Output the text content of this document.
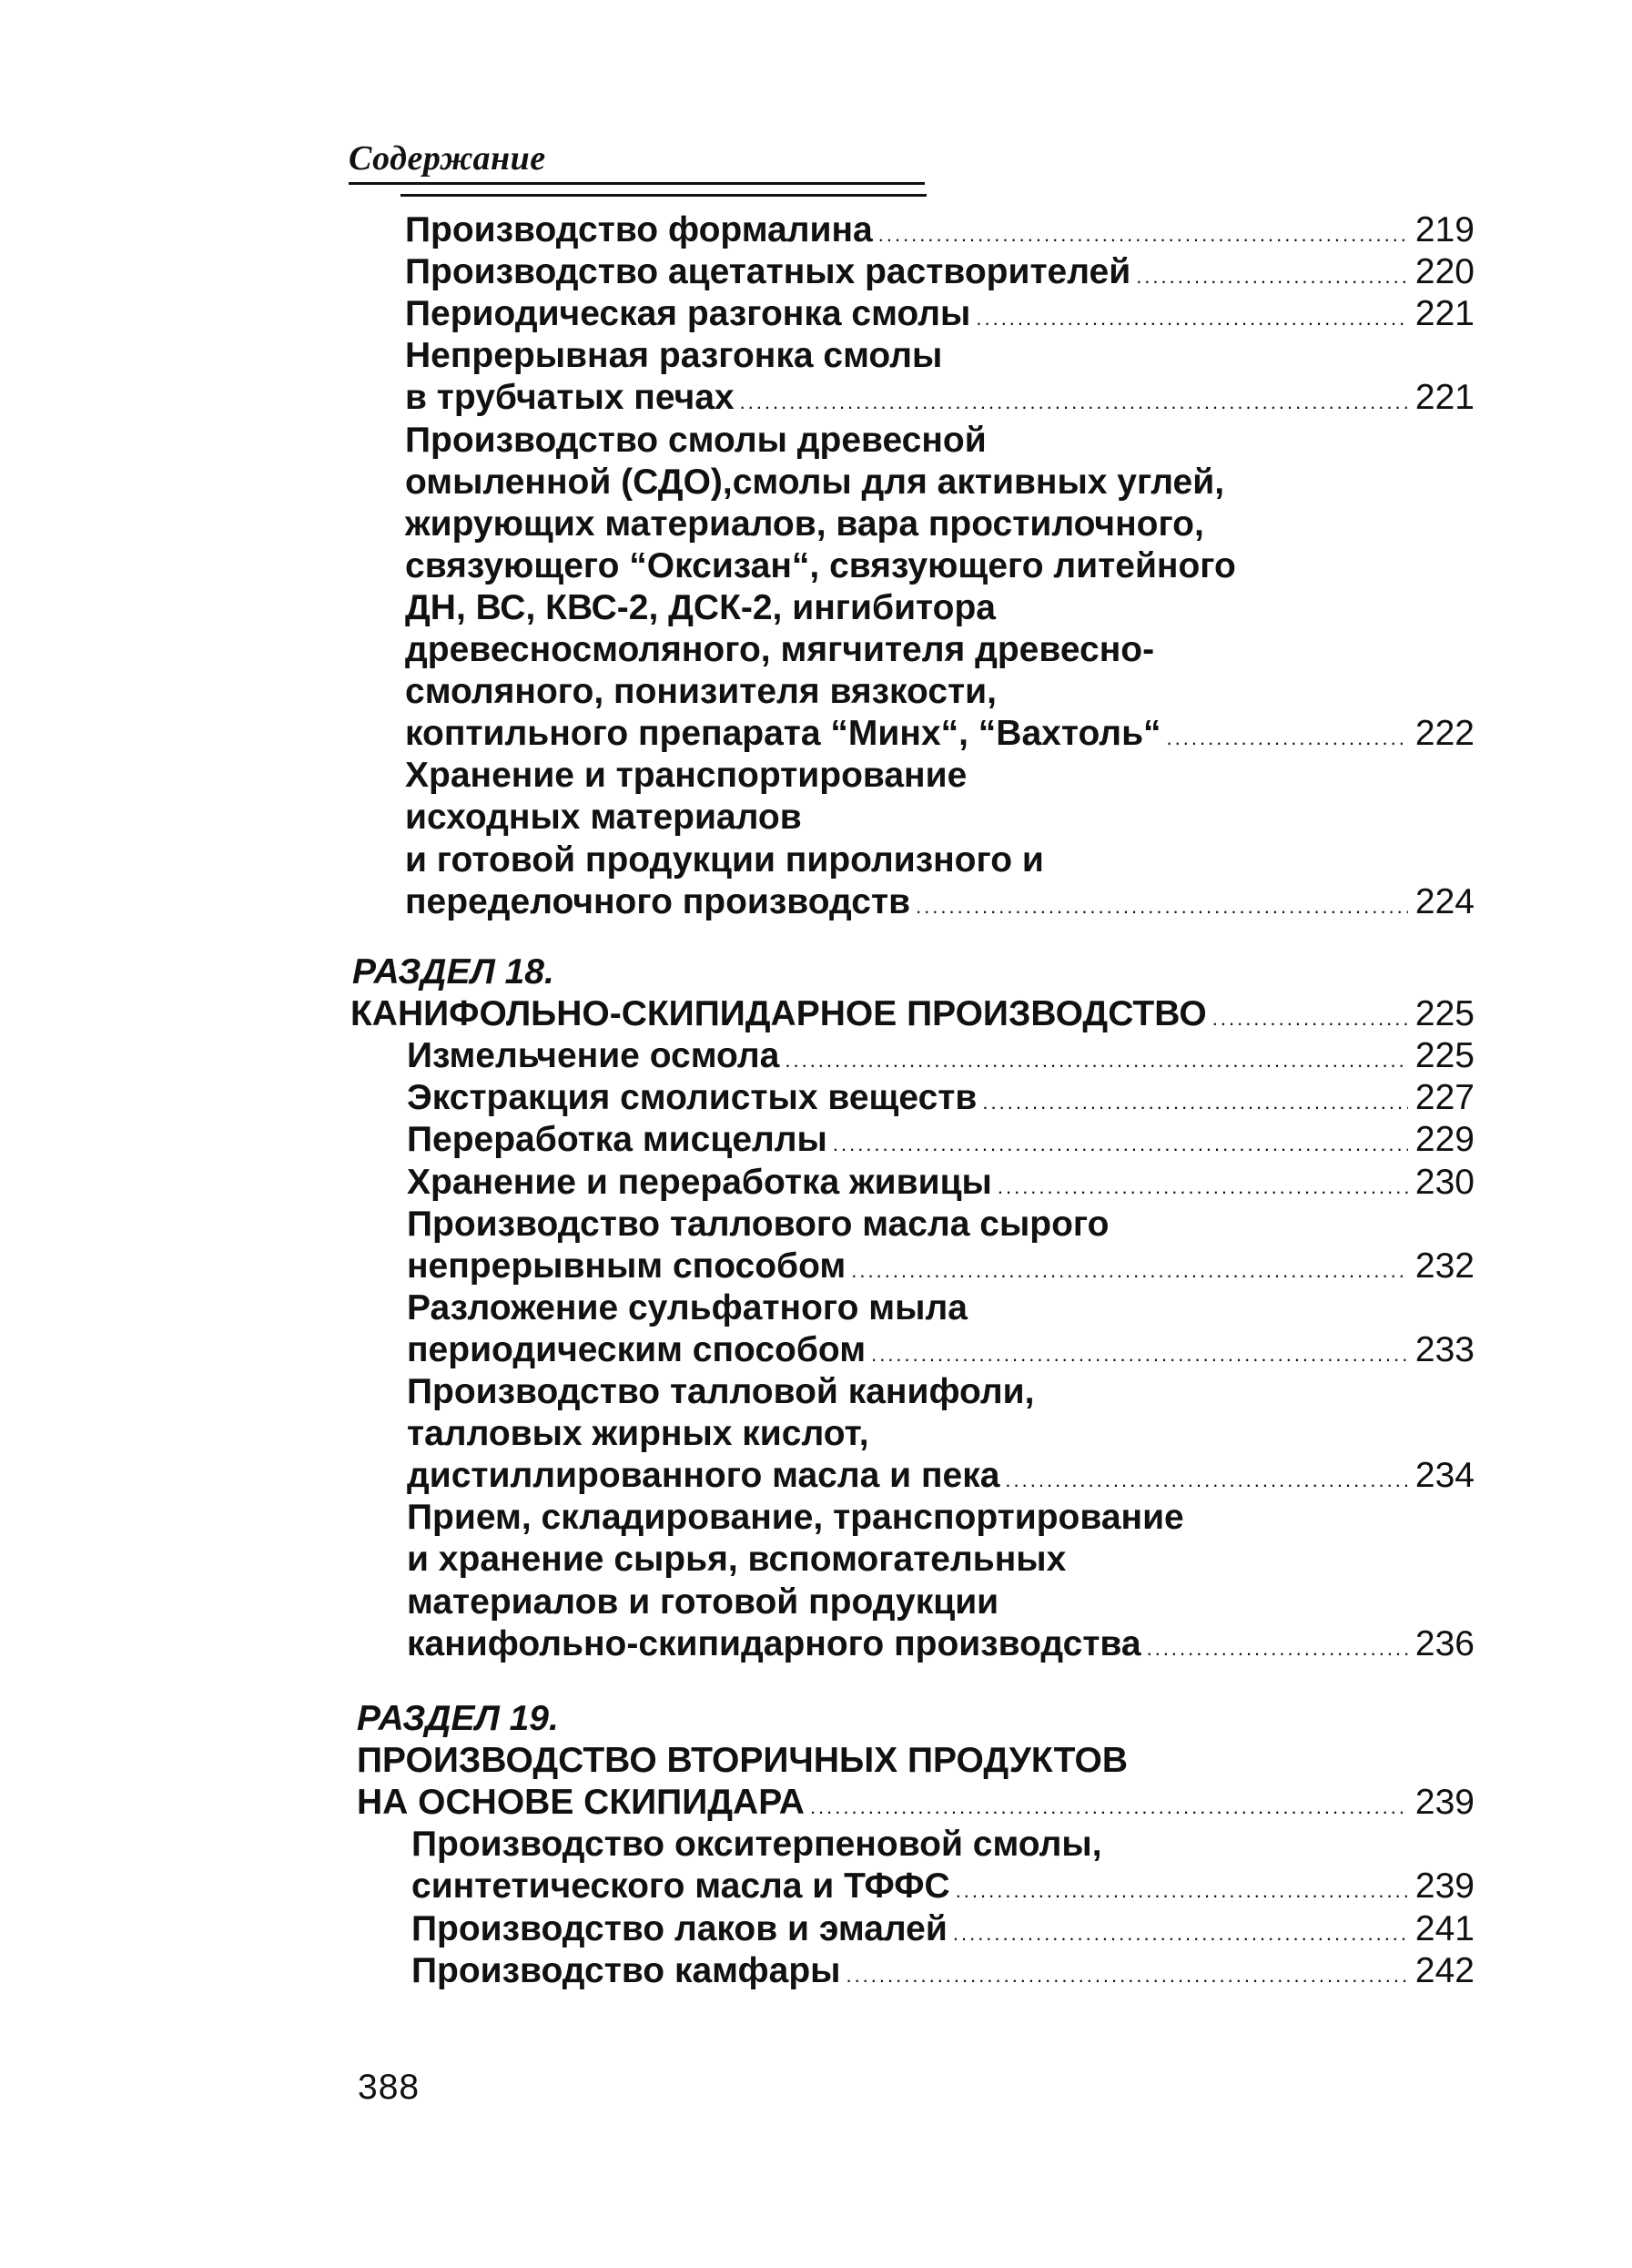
Содержание
Производство формалина .....	219
Производство ацетатных растворителей .....	220
Периодическая разгонка смолы .....	221
Непрерывная разгонка смолы
в трубчатых печах .....	221
Производство смолы древесной
омыленной (СДО),смолы для активных углей,
жирующих материалов, вара простилочного,
связующего “Оксизан“, связующего литейного
ДН, ВС, КВС-2, ДСК-2, ингибитора
древесносмоляного, мягчителя древесно-
смоляного, понизителя вязкости,
коптильного препарата “Минх“, “Вахтоль“ .....	222
Хранение и транспортирование
исходных материалов
и готовой продукции пиролизного и
переделочного производств .....	224
РАЗДЕЛ 18.
КАНИФОЛЬНО-СКИПИДАРНОЕ ПРОИЗВОДСТВО .....	225
Измельчение осмола .....	225
Экстракция смолистых веществ .....	227
Переработка мисцеллы .....	229
Хранение и переработка живицы .....	230
Производство таллового масла сырого
непрерывным способом .....	232
Разложение сульфатного мыла
периодическим способом .....	233
Производство талловой канифоли,
талловых жирных кислот,
дистиллированного масла и пека .....	234
Прием, складирование, транспортирование
и хранение сырья, вспомогательных
материалов и готовой продукции
канифольно-скипидарного производства .....	236
РАЗДЕЛ 19.
ПРОИЗВОДСТВО ВТОРИЧНЫХ ПРОДУКТОВ
НА ОСНОВЕ СКИПИДАРА .....	239
Производство окситерпеновой смолы,
синтетического масла и ТФФС .....	239
Производство лаков и эмалей .....	241
Производство камфары .....	242
388
